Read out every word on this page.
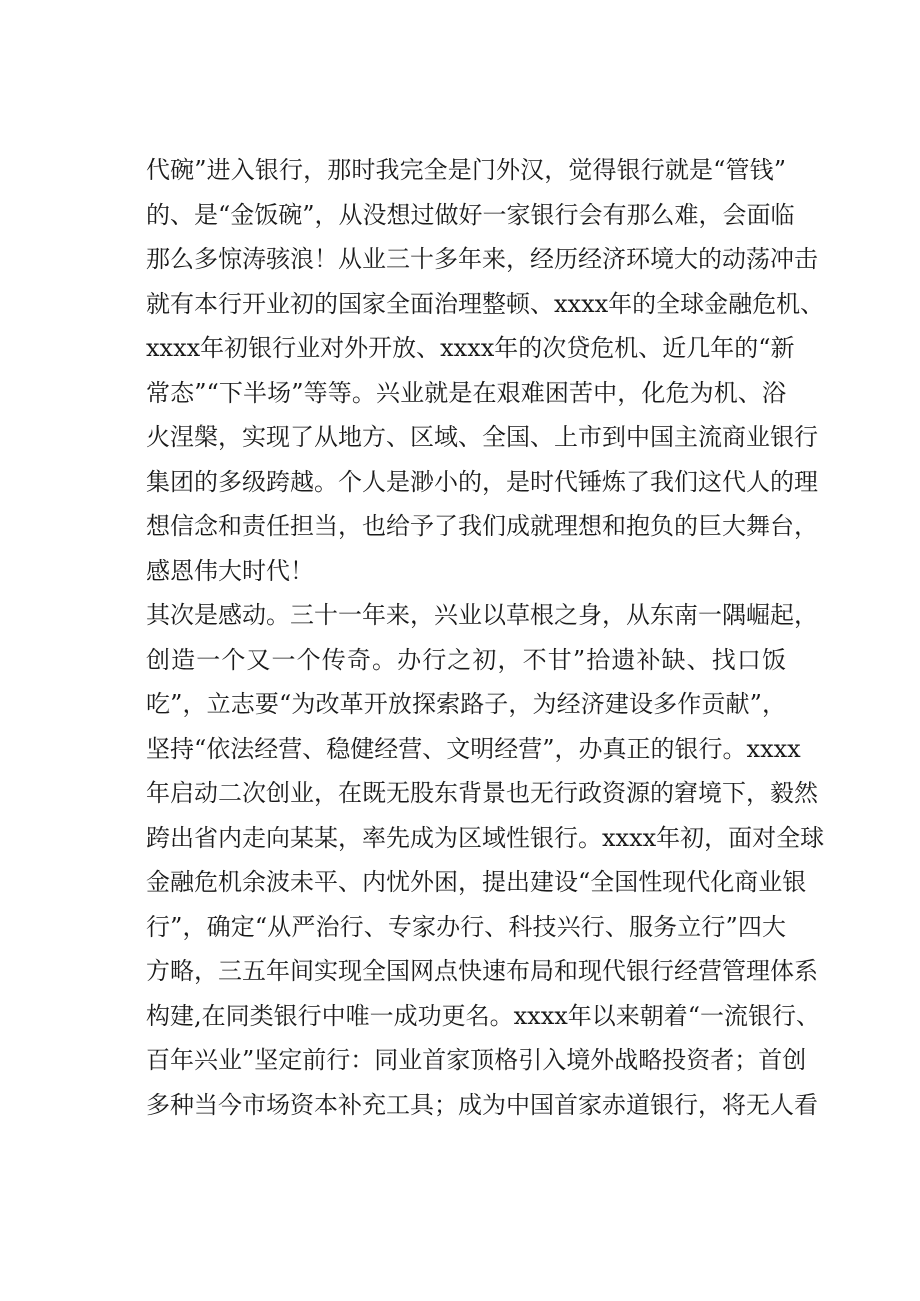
代碗”进入银行，那时我完全是门外汉，觉得银行就是“管钱”
的、是“金饭碗”，从没想过做好一家银行会有那么难，会面临
那么多惊涛骇浪！从业三十多年来，经历经济环境大的动荡冲击
就有本行开业初的国家全面治理整顿、xxxx年的全球金融危机、
xxxx年初银行业对外开放、xxxx年的次贷危机、近几年的“新
常态”“下半场”等等。兴业就是在艰难困苦中，化危为机、浴
火涅槃，实现了从地方、区域、全国、上市到中国主流商业银行
集团的多级跨越。个人是渺小的，是时代锤炼了我们这代人的理
想信念和责任担当，也给予了我们成就理想和抱负的巨大舞台，
感恩伟大时代！
其次是感动。三十一年来，兴业以草根之身，从东南一隅崛起，
创造一个又一个传奇。办行之初，不甘”拾遗补缺、找口饭
吃”，立志要“为改革开放探索路子，为经济建设多作贡献”，
坚持“依法经营、稳健经营、文明经营”，办真正的银行。xxxx
年启动二次创业，在既无股东背景也无行政资源的窘境下，毅然
跨出省内走向某某，率先成为区域性银行。xxxx年初，面对全球
金融危机余波未平、内忧外困，提出建设“全国性现代化商业银
行”，确定“从严治行、专家办行、科技兴行、服务立行”四大
方略，三五年间实现全国网点快速布局和现代银行经营管理体系
构建,在同类银行中唯一成功更名。xxxx年以来朝着“一流银行、
百年兴业”坚定前行：同业首家顶格引入境外战略投资者；首创
多种当今市场资本补充工具；成为中国首家赤道银行，将无人看
